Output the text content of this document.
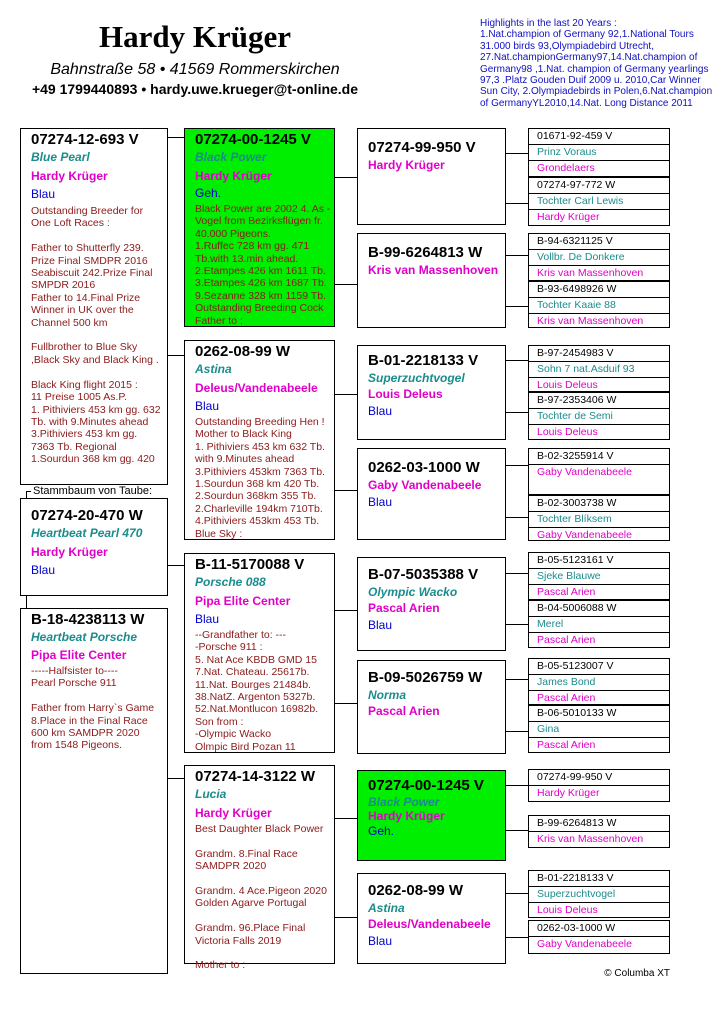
Hardy Krüger
Bahnstraße 58 • 41569 Rommerskirchen
+49 1799440893 • hardy.uwe.krueger@t-online.de
Highlights in the last 20 Years :
1.Nat.champion of Germany 92,1.National Tours 31.000 birds 93,Olympiadebird Utrecht, 27.Nat.championGermany97,14.Nat.champion of Germany98 ,1.Nat. champion of Germany yearlings 97,3 .Platz Gouden Duif 2009 u. 2010,Car Winner Sun City, 2.Olympiadebirds in Polen,6.Nat.champion of GermanyYL2010,14.Nat. Long Distance 2011
07274-12-693 V
Blue Pearl
Hardy Krüger
Blau
Outstanding Breeder for One Loft Races :

Father to Shutterfly 239. Prize Final SMDPR 2016 Seabiscuit 242.Prize Final SMPDR 2016
Father to 14.Final Prize Winner in UK over the Channel 500 km

Fullbrother to Blue Sky ,Black Sky and Black King .

Black King flight 2015 :
11 Preise 1005 As.P.
1. Pithiviers 453 km gg. 632 Tb. with 9.Minutes ahead
3.Pithiviers 453 km gg. 7363 Tb. Regional
1.Sourdun 368 km gg. 420
Stammbaum von Taube:
07274-20-470 W
Heartbeat Pearl 470
Hardy Krüger
Blau
B-18-4238113 W
Heartbeat Porsche
Pipa Elite Center
-----Halfsister to----
Pearl Porsche 911

Father from Harry`s Game 8.Place in the Final Race 600 km SAMDPR 2020
from 1548 Pigeons.
07274-00-1245 V
Black Power
Hardy Krüger
Geh.
Black Power are 2002 4. As -Vogel from Bezirksflügen fr. 40.000 Pigeons.
1.Ruffec 728 km gg. 471 Tb.with 13.min ahead.
2.Etampes 426 km 1611 Tb.
3.Etampes 426 km 1687 Tb.
9.Sezanne 328 km 1159 Tb.
Outstanding Breeding Cock Father to :
0262-08-99 W
Astina
Deleus/Vandenabeele
Blau
Outstanding Breeding Hen !
Mother to Black King
1. Pithiviers 453 km 632 Tb. with 9.Minutes ahead
3.Pithiviers 453km 7363 Tb.
1.Sourdun 368 km 420 Tb.
2.Sourdun 368km 355 Tb.
2.Charleville 194km 710Tb.
4.Pithiviers 453km 453 Tb.
Blue Sky :
B-11-5170088 V
Porsche 088
Pipa Elite Center
Blau
--Grandfather to: ---
-Porsche 911 :
5. Nat Ace KBDB GMD 15
7.Nat. Chateau. 25617b.
11.Nat. Bourges 21484b.
38.NatZ. Argenton 5327b.
52.Nat.Montlucon 16982b.
Son from :
-Olympic Wacko
Olmpic Bird Pozan 11
07274-14-3122 W
Lucia
Hardy Krüger
Best Daughter Black Power

Grandm. 8.Final Race SAMDPR 2020

Grandm. 4 Ace.Pigeon 2020 Golden Agarve Portugal

Grandm. 96.Place Final
Victoria Falls 2019

Mother to :
07274-99-950 V
Hardy Krüger
B-99-6264813 W
Kris van Massenhoven
B-01-2218133 V
Superzuchtvogel
Louis Deleus
Blau
0262-03-1000 W
Gaby Vandenabeele
Blau
B-07-5035388 V
Olympic Wacko
Pascal Arien
Blau
B-09-5026759 W
Norma
Pascal Arien
07274-00-1245 V
Black Power
Hardy Krüger
Geh.
0262-08-99 W
Astina
Deleus/Vandenabeele
Blau
01671-92-459 V
Prinz Voraus
Grondelaers
07274-97-772 W
Tochter Carl Lewis
Hardy Krüger
B-94-6321125 V
Vollbr. De Donkere
Kris van Massenhoven
B-93-6498926 W
Tochter Kaaie 88
Kris van Massenhoven
B-97-2454983 V
Sohn 7 nat.Asduif 93
Louis Deleus
B-97-2353406 W
Tochter de Semi
Louis Deleus
B-02-3255914 V
Gaby Vandenabeele
B-02-3003738 W
Tochter Blíksem
Gaby Vandenabeele
B-05-5123161 V
Sjeke Blauwe
Pascal Arien
B-04-5006088 W
Merel
Pascal Arien
B-05-5123007 V
James Bond
Pascal Arien
B-06-5010133 W
Gina
Pascal Arien
07274-99-950 V
Hardy Krüger
B-99-6264813 W
Kris van Massenhoven
B-01-2218133 V
Superzuchtvogel
Louis Deleus
0262-03-1000 W
Gaby Vandenabeele
© Columba XT
